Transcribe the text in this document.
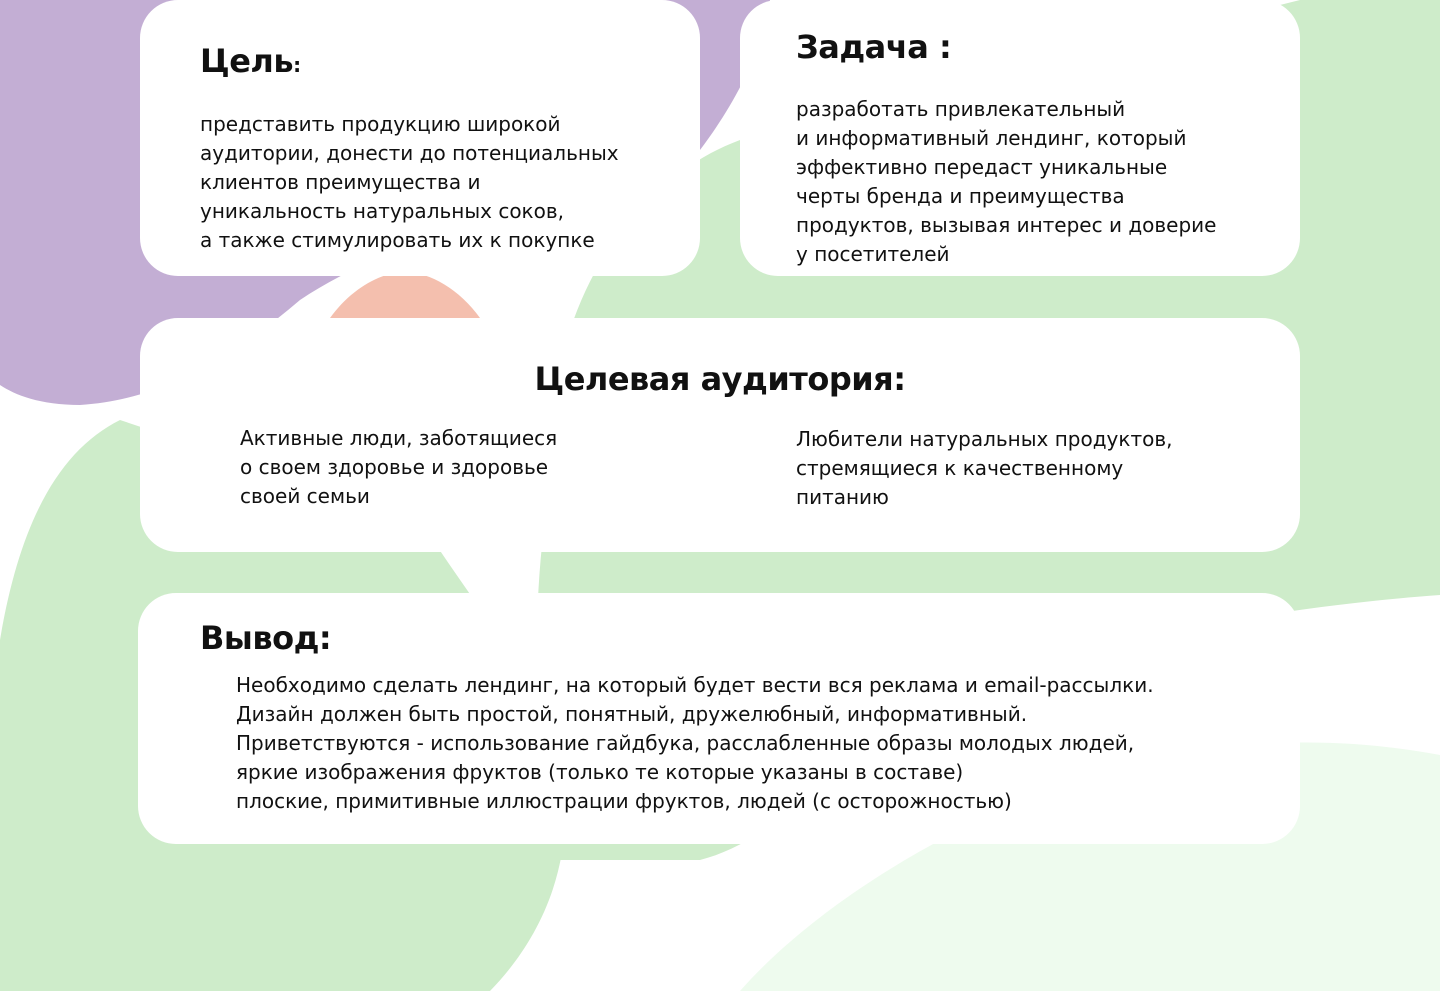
Цель:

представить продукцию широкой
аудитории, донести до потенциальных
клиентов преимущества и
уникальность натуральных соков,
а также стимулировать их к покупке

Задача :

разработать привлекательный
и информативный лендинг, который
эффективно передаст уникальные
черты бренда и преимущества
продуктов, вызывая интерес и доверие
у посетителей

Целевая аудитория:

Активные люди, заботящиеся
о своем здоровье и здоровье
своей семьи

Любители натуральных продуктов,
стремящиеся к качественному
питанию

Вывод:

Необходимо сделать лендинг, на который будет вести вся реклама и email-рассылки.
Дизайн должен быть простой, понятный, дружелюбный, информативный.
Приветствуются - использование гайдбука, расслабленные образы молодых людей,
яркие изображения фруктов (только те которые указаны в составе)
плоские, примитивные иллюстрации фруктов, людей (с осторожностью)
